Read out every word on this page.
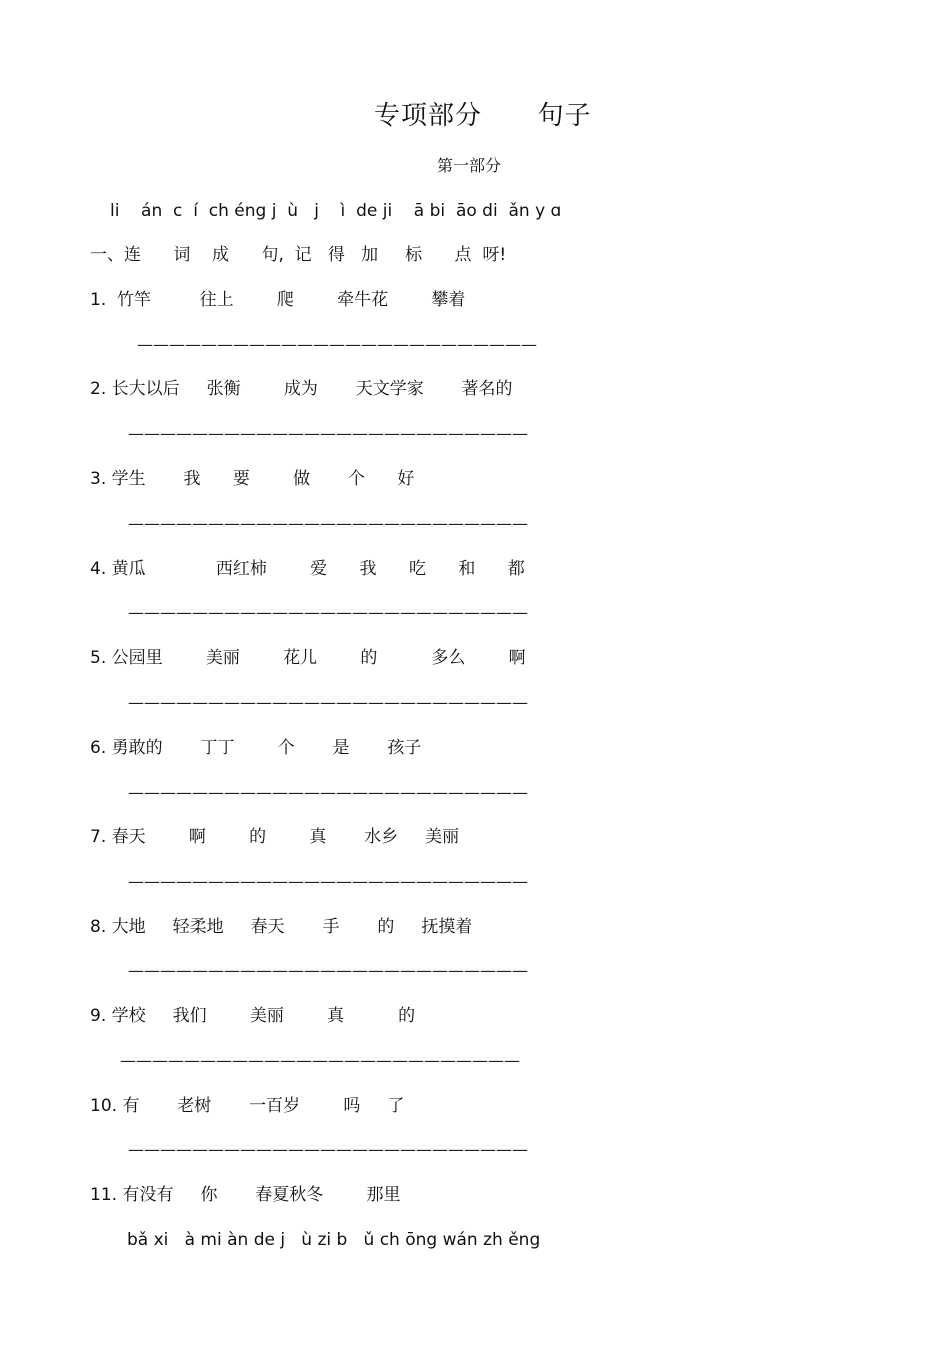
专项部分      句子
第一部分
li    án  c  í  ch éng j  ù   j    ì  de ji    ā bi  āo di  ǎn y ɑ
一、连      词    成      句,  记   得   加     标      点  呀!
1.  竹竿         往上        爬        牵牛花        攀着
—————————————————————————
2. 长大以后     张衡        成为       天文学家       著名的
—————————————————————————
3. 学生       我      要        做       个      好
—————————————————————————
4. 黄瓜             西红柿        爱      我      吃      和      都
—————————————————————————
5. 公园里        美丽        花儿        的          多么        啊
—————————————————————————
6. 勇敢的       丁丁        个       是       孩子
—————————————————————————
7. 春天        啊        的        真       水乡     美丽
—————————————————————————
8. 大地     轻柔地     春天       手       的     抚摸着
—————————————————————————
9. 学校     我们        美丽        真          的
—————————————————————————
10. 有       老树       一百岁        吗     了
—————————————————————————
11. 有没有     你       春夏秋冬        那里
bǎ xi   à mi àn de j   ù zi b   ǔ ch ōng wán zh ěng
